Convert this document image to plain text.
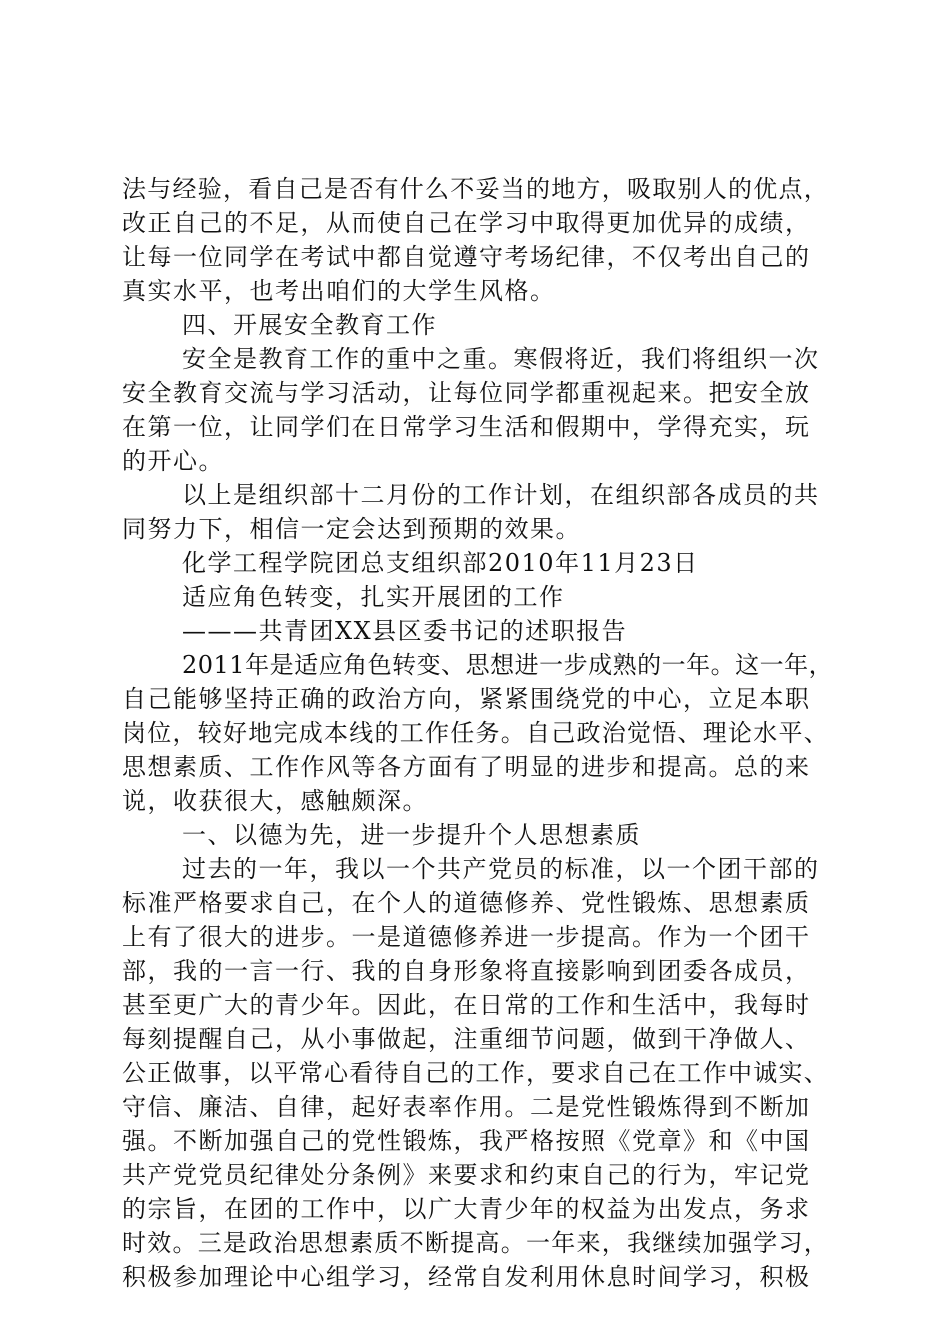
法与经验，看自己是否有什么不妥当的地方，吸取别人的优点，
改正自己的不足，从而使自己在学习中取得更加优异的成绩，
让每一位同学在考试中都自觉遵守考场纪律，不仅考出自己的
真实水平，也考出咱们的大学生风格。
四、开展安全教育工作
安全是教育工作的重中之重。寒假将近，我们将组织一次
安全教育交流与学习活动，让每位同学都重视起来。把安全放
在第一位，让同学们在日常学习生活和假期中，学得充实，玩
的开心。
以上是组织部十二月份的工作计划，在组织部各成员的共
同努力下，相信一定会达到预期的效果。
化学工程学院团总支组织部2010年11月23日
适应角色转变，扎实开展团的工作
———共青团XX县区委书记的述职报告
2011年是适应角色转变、思想进一步成熟的一年。这一年，
自己能够坚持正确的政治方向，紧紧围绕党的中心，立足本职
岗位，较好地完成本线的工作任务。自己政治觉悟、理论水平、
思想素质、工作作风等各方面有了明显的进步和提高。总的来
说，收获很大，感触颇深。
一、以德为先，进一步提升个人思想素质
过去的一年，我以一个共产党员的标准，以一个团干部的
标准严格要求自己，在个人的道德修养、党性锻炼、思想素质
上有了很大的进步。一是道德修养进一步提高。作为一个团干
部，我的一言一行、我的自身形象将直接影响到团委各成员，
甚至更广大的青少年。因此，在日常的工作和生活中，我每时
每刻提醒自己，从小事做起，注重细节问题，做到干净做人、
公正做事，以平常心看待自己的工作，要求自己在工作中诚实、
守信、廉洁、自律，起好表率作用。二是党性锻炼得到不断加
强。不断加强自己的党性锻炼，我严格按照《党章》和《中国
共产党党员纪律处分条例》来要求和约束自己的行为，牢记党
的宗旨，在团的工作中，以广大青少年的权益为出发点，务求
时效。三是政治思想素质不断提高。一年来，我继续加强学习，
积极参加理论中心组学习，经常自发利用休息时间学习，积极
